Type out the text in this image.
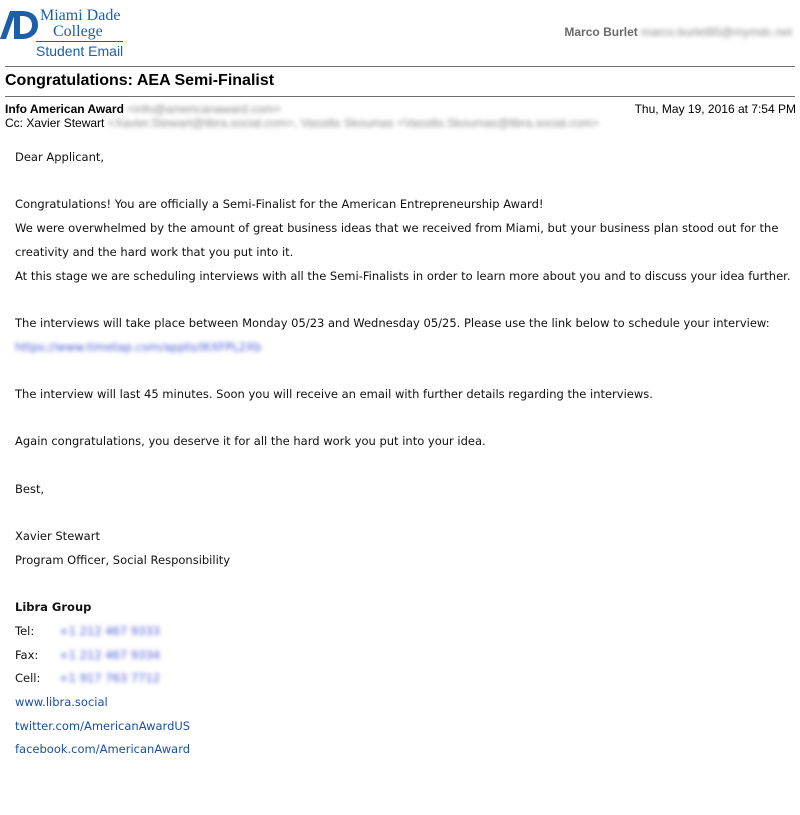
Miami Dade
College
Student Email
Marco Burlet marco.burlet85@mymdc.net
Congratulations: AEA Semi-Finalist
Info American Award <info@americanaward.com>	Thu, May 19, 2016 at 7:54 PM
Cc: Xavier Stewart <Xavier.Stewart@libra.social.com>, Vassilis Skoumas <Vassilis.Skoumas@libra.social.com>

Dear Applicant,

Congratulations! You are officially a Semi-Finalist for the American Entrepreneurship Award!

We were overwhelmed by the amount of great business ideas that we received from Miami, but your business plan stood out for the creativity and the hard work that you put into it.

At this stage we are scheduling interviews with all the Semi-Finalists in order to learn more about you and to discuss your idea further.

The interviews will take place between Monday 05/23 and Wednesday 05/25. Please use the link below to schedule your interview:

https://www.timetap.com/appts/IKXFPL2Xb

The interview will last 45 minutes. Soon you will receive an email with further details regarding the interviews.

Again congratulations, you deserve it for all the hard work you put into your idea.

Best,

Xavier Stewart

Program Officer, Social Responsibility

Libra Group

Tel: +1 212 467 9333

Fax: +1 212 467 9334

Cell: +1 917 763 7712

www.libra.social

twitter.com/AmericanAwardUS

facebook.com/AmericanAward
